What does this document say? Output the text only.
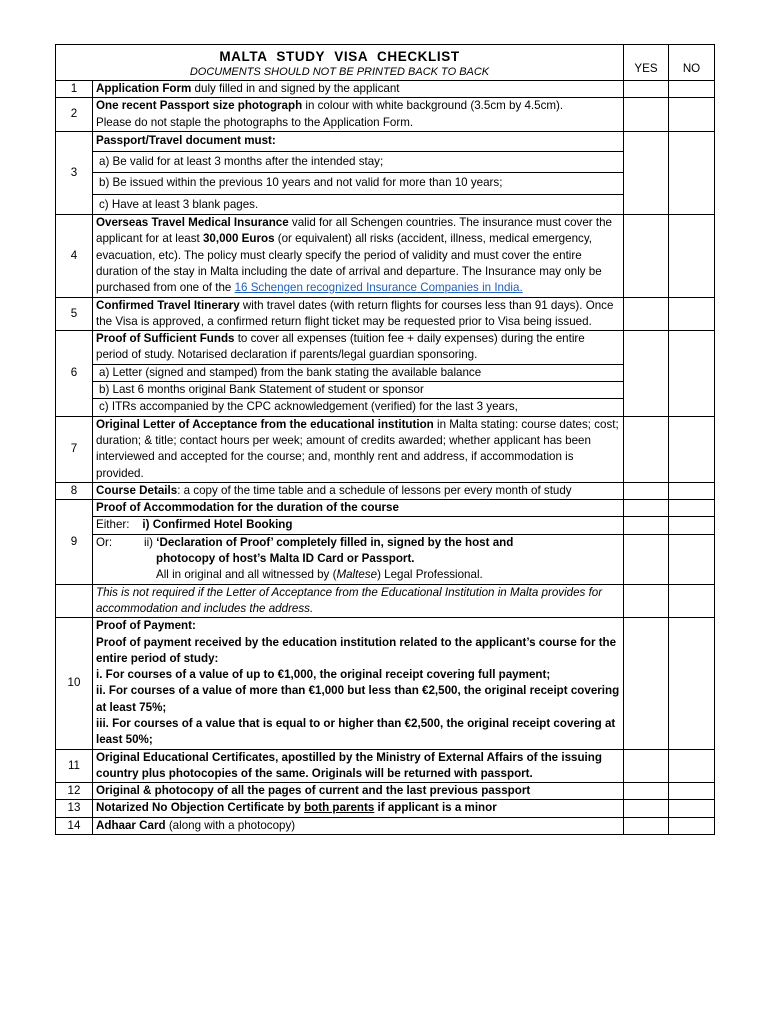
MALTA STUDY VISA CHECKLIST
DOCUMENTS SHOULD NOT BE PRINTED BACK TO BACK		YES	NO
1	Application Form duly filled in and signed by the applicant		
2	One recent Passport size photograph in colour with white background (3.5cm by 4.5cm).
Please do not staple the photographs to the Application Form.		

3	Passport/Travel document must:		
	a) Be valid for at least 3 months after the intended stay;		
	b) Be issued within the previous 10 years and not valid for more than 10 years;		
	c) Have at least 3 blank pages.		
4	Overseas Travel Medical Insurance valid for all Schengen countries. The insurance must cover the applicant for at least 30,000 Euros (or equivalent) all risks (accident, illness, medical emergency, evacuation, etc). The policy must clearly specify the period of validity and must cover the entire duration of the stay in Malta including the date of arrival and departure. The Insurance may only be purchased from one of the 16 Schengen recognized Insurance Companies in India.		
5	Confirmed Travel Itinerary with travel dates (with return flights for courses less than 91 days). Once the Visa is approved, a confirmed return flight ticket may be requested prior to Visa being issued.		
6	Proof of Sufficient Funds to cover all expenses (tuition fee + daily expenses) during the entire period of study. Notarised declaration if parents/legal guardian sponsoring.		
	a) Letter (signed and stamped) from the bank stating the available balance		
	b) Last 6 months original Bank Statement of student or sponsor		
	c) ITRs accompanied by the CPC acknowledgement (verified) for the last 3 years,		
7	Original Letter of Acceptance from the educational institution in Malta stating: course dates; cost; duration; & title; contact hours per week; amount of credits awarded; whether applicant has been interviewed and accepted for the course; and, monthly rent and address, if accommodation is provided.		
8	Course Details: a copy of the time table and a schedule of lessons per every month of study		
9	Proof of Accommodation for the duration of the course		
	Either: i) Confirmed Hotel Booking		
	Or: ii) ‘Declaration of Proof’ completely filled in, signed by the host and
photocopy of host’s Malta ID Card or Passport.
All in original and all witnessed by (Maltese) Legal Professional.		

	This is not required if the Letter of Acceptance from the Educational Institution in Malta provides for accommodation and includes the address.		
10	Proof of Payment:
Proof of payment received by the education institution related to the applicant’s course for the entire period of study:
i. For courses of a value of up to €1,000, the original receipt covering full payment;
ii. For courses of a value of more than €1,000 but less than €2,500, the original receipt covering at least 75%;
iii. For courses of a value that is equal to or higher than €2,500, the original receipt covering at least 50%;		

11	Original Educational Certificates, apostilled by the Ministry of External Affairs of the issuing country plus photocopies of the same. Originals will be returned with passport.		
12	Original & photocopy of all the pages of current and the last previous passport		
13	Notarized No Objection Certificate by both parents if applicant is a minor		
14	Adhaar Card (along with a photocopy)		
